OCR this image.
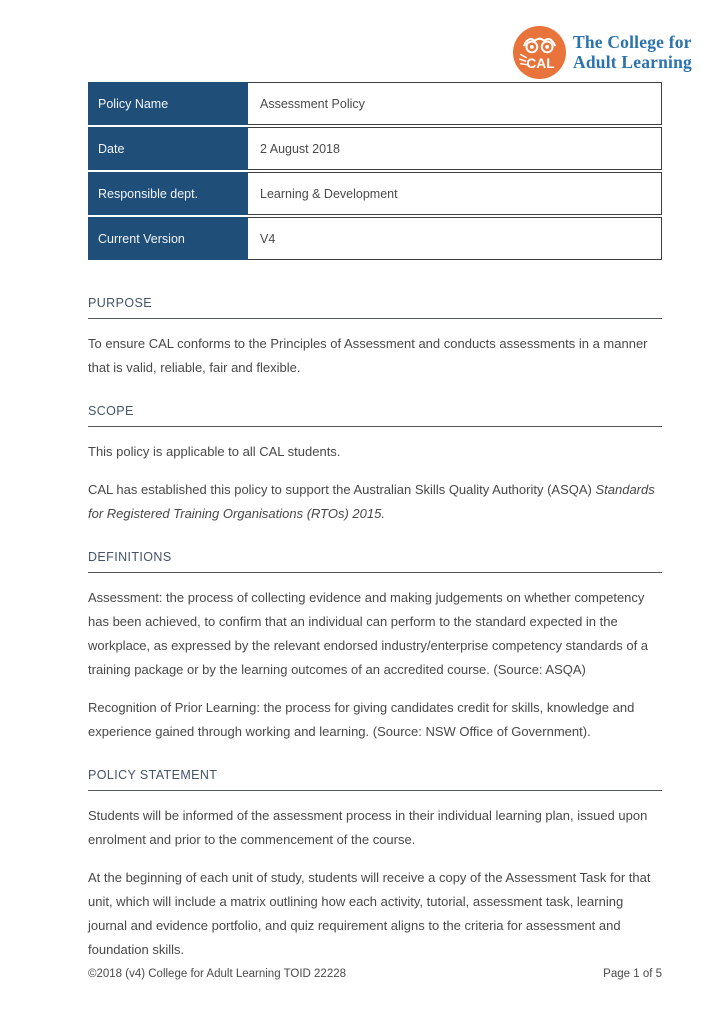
CAL
The College for
Adult Learning
Policy Name	Assessment Policy
Date	2 August 2018
Responsible dept.	Learning & Development
Current Version	V4
PURPOSE

To ensure CAL conforms to the Principles of Assessment and conducts assessments in a manner that is valid, reliable, fair and flexible.

SCOPE

This policy is applicable to all CAL students.

CAL has established this policy to support the Australian Skills Quality Authority (ASQA) Standards for Registered Training Organisations (RTOs) 2015.

DEFINITIONS

Assessment: the process of collecting evidence and making judgements on whether competency has been achieved, to confirm that an individual can perform to the standard expected in the workplace, as expressed by the relevant endorsed industry/enterprise competency standards of a training package or by the learning outcomes of an accredited course. (Source: ASQA)

Recognition of Prior Learning: the process for giving candidates credit for skills, knowledge and experience gained through working and learning. (Source: NSW Office of Government).

POLICY STATEMENT

Students will be informed of the assessment process in their individual learning plan, issued upon enrolment and prior to the commencement of the course.

At the beginning of each unit of study, students will receive a copy of the Assessment Task for that unit, which will include a matrix outlining how each activity, tutorial, assessment task, learning journal and evidence portfolio, and quiz requirement aligns to the criteria for assessment and foundation skills.

©2018 (v4) College for Adult Learning TOID 22228	Page 1 of 5
